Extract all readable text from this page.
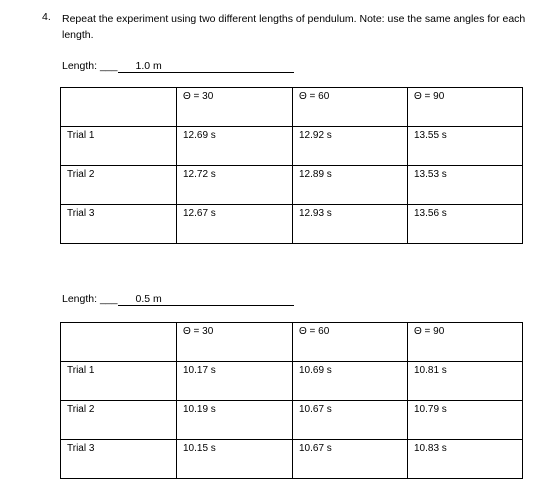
4. Repeat the experiment using two different lengths of pendulum. Note: use the same angles for each length.
Length: ___ 1.0 m
	Θ = 30	Θ = 60	Θ = 90
Trial 1	12.69 s	12.92 s	13.55 s
Trial 2	12.72 s	12.89 s	13.53 s
Trial 3	12.67 s	12.93 s	13.56 s
Length: ___ 0.5 m
	Θ = 30	Θ = 60	Θ = 90
Trial 1	10.17 s	10.69 s	10.81 s
Trial 2	10.19 s	10.67 s	10.79 s
Trial 3	10.15 s	10.67 s	10.83 s
